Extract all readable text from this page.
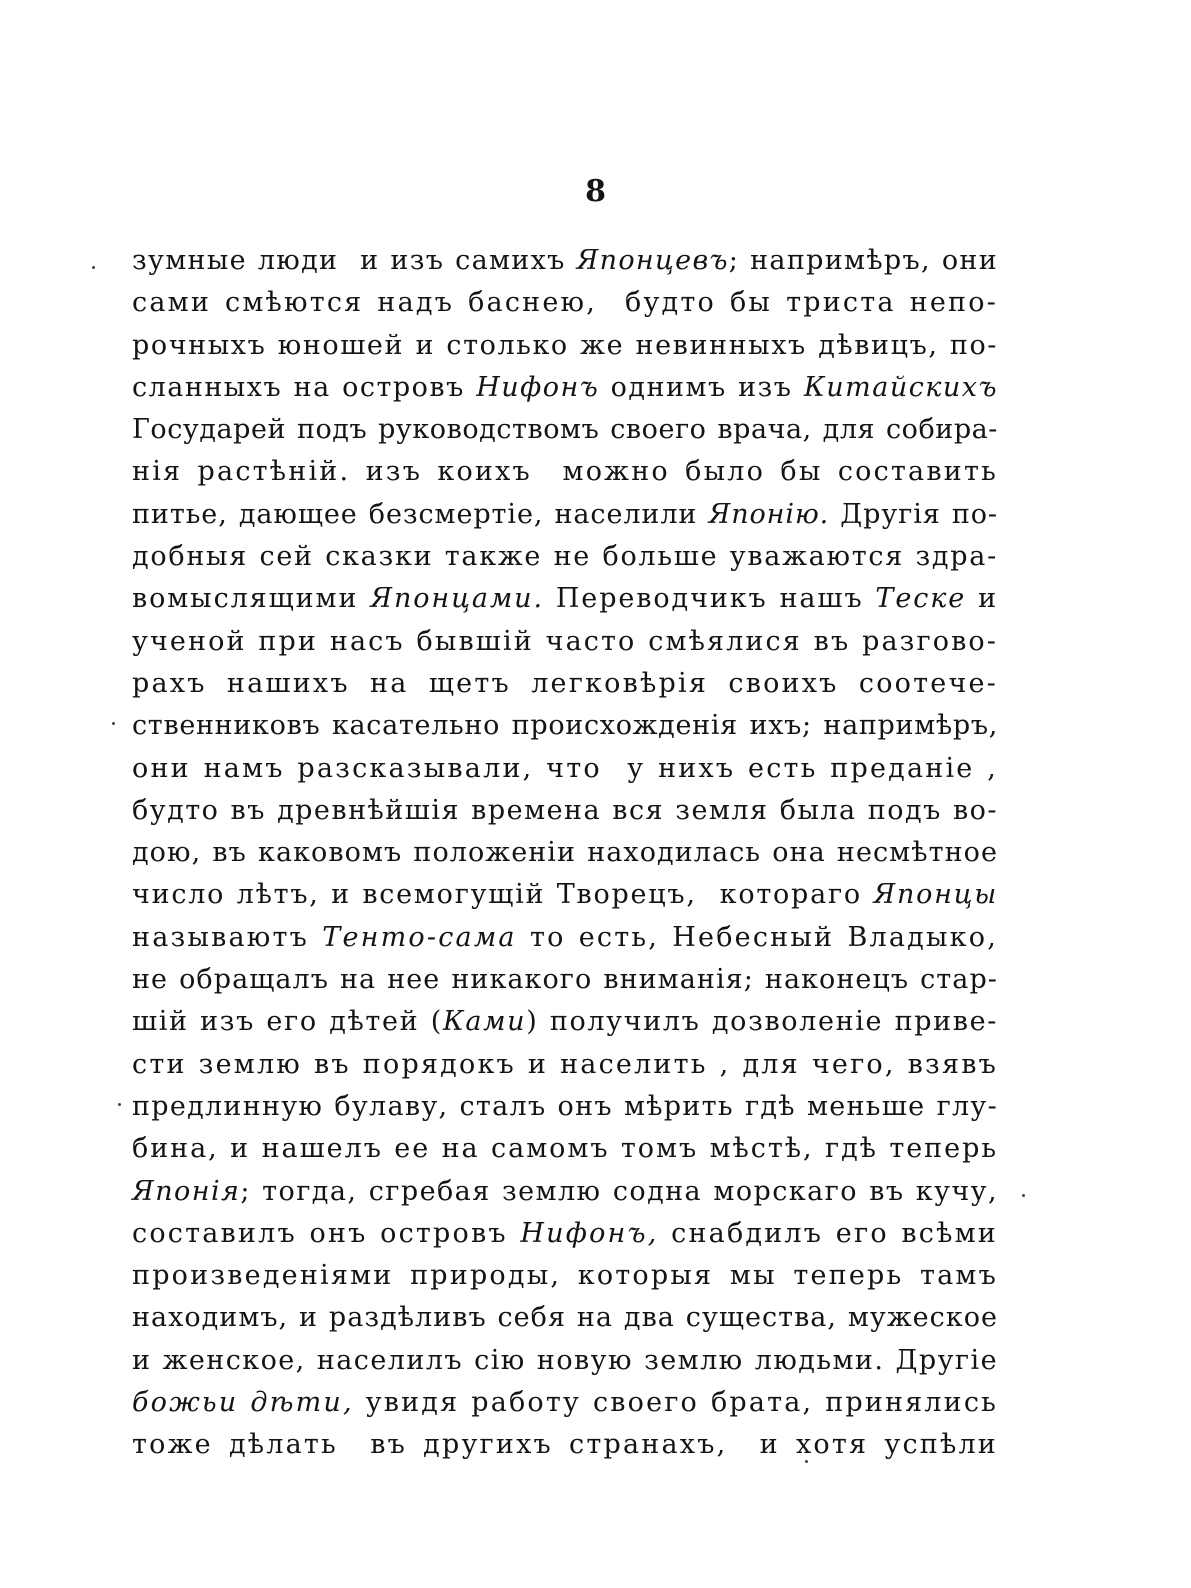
8
зумные люди  и изъ самихъ Японцевъ; напримѣръ, они
сами смѣются надъ баснею,  будто бы триста непо-
рочныхъ юношей и столько же невинныхъ дѣвицъ, по-
сланныхъ на островъ Нифонъ однимъ изъ Китайскихъ
Государей подъ руководствомъ своего врача, для собира-
нія растѣній. изъ коихъ  можно было бы составить
питье, дающее безсмертіе, населили Японію. Другія по-
добныя сей сказки также не больше уважаются здра-
вомыслящими Японцами. Переводчикъ нашъ Теске и
ученой при насъ бывшій часто смѣялися въ разгово-
рахъ нашихъ на щетъ легковѣрія своихъ соотече-
ственниковъ касательно происхожденія ихъ; напримѣръ,
они намъ разсказывали, что  у нихъ есть преданіе ,
будто въ древнѣйшія времена вся земля была подъ во-
дою, въ каковомъ положеніи находилась она несмѣтное
число лѣтъ, и всемогущій Творецъ,  котораго Японцы
называютъ Тенто-сама то есть, Небесный Владыко,
не обращалъ на нее никакого вниманія; наконецъ стар-
шій изъ его дѣтей (Ками) получилъ дозволеніе приве-
сти землю въ порядокъ и населить , для чего, взявъ
предлинную булаву, сталъ онъ мѣрить гдѣ меньше глу-
бина, и нашелъ ее на самомъ томъ мѣстѣ, гдѣ теперь
Японія; тогда, сгребая землю содна морскаго въ кучу,
составилъ онъ островъ Нифонъ, снабдилъ его всѣми
произведеніями природы, которыя мы теперь тамъ
находимъ, и раздѣливъ себя на два существа, мужеское
и женское, населилъ сію новую землю людьми. Другіе
божьи дѣти, увидя работу своего брата, принялись
тоже дѣлать  въ другихъ странахъ,  и хотя успѣли
